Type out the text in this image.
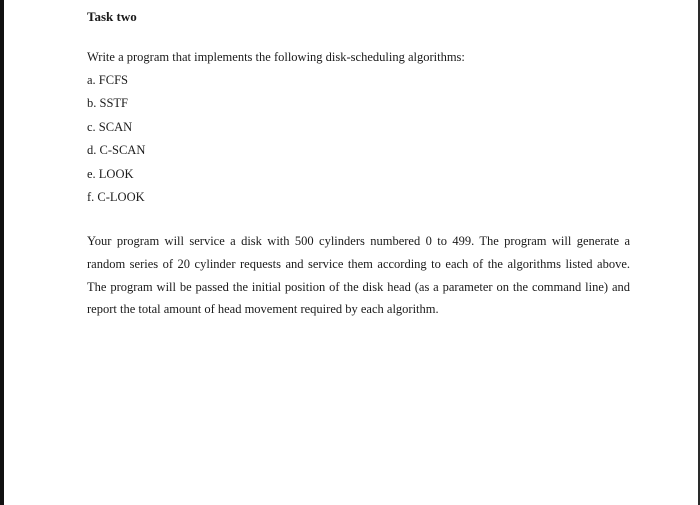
Task two

Write a program that implements the following disk-scheduling algorithms:

a. FCFS
b. SSTF
c. SCAN
d. C-SCAN
e. LOOK
f. C-LOOK

Your program will service a disk with 500 cylinders numbered 0 to 499. The program will generate a random series of 20 cylinder requests and service them according to each of the algorithms listed above. The program will be passed the initial position of the disk head (as a parameter on the command line) and report the total amount of head movement required by each algorithm.
